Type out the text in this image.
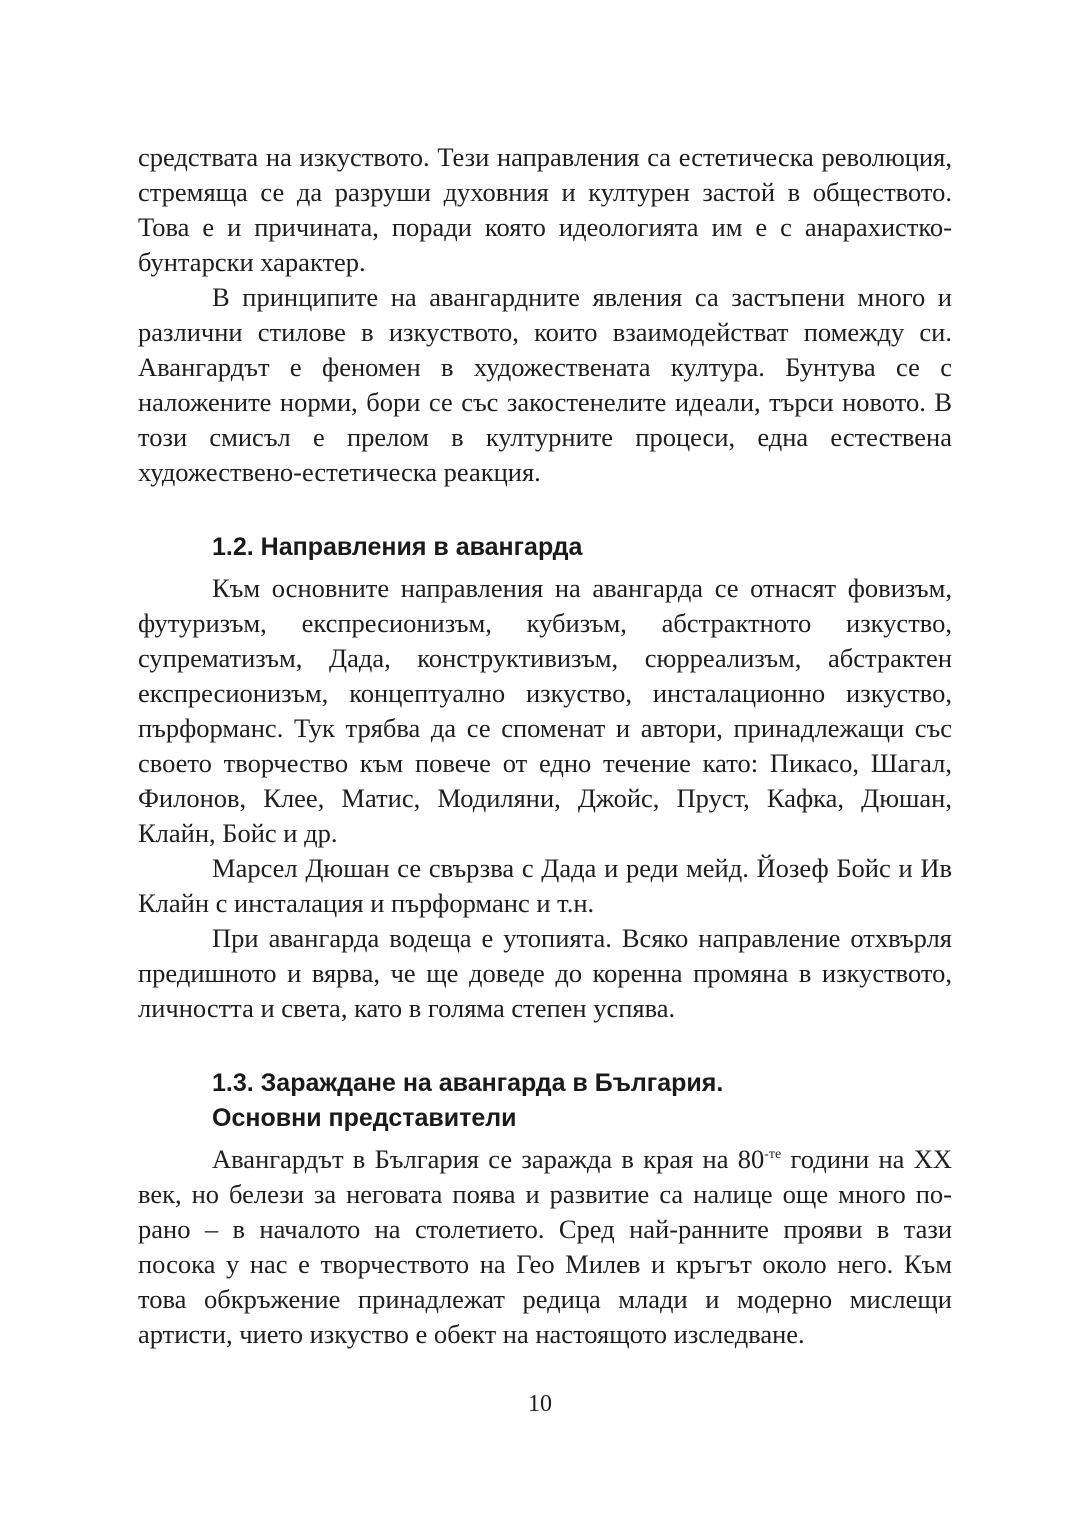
средствата на изкуството. Тези направления са естетическа революция, стремяща се да разруши духовния и културен застой в обществото. Това е и причината, поради която идеологията им е с анарахистко-бунтарски характер.

В принципите на авангардните явления са застъпени много и различни стилове в изкуството, които взаимодействат помежду си. Авангардът е феномен в художествената култура. Бунтува се с наложените норми, бори се със закостенелите идеали, търси новото. В този смисъл е прелом в културните процеси, една естествена художествено-естетическа реакция.

1.2. Направления в авангарда

Към основните направления на авангарда се отнасят фовизъм, футуризъм, експресионизъм, кубизъм, абстрактното изкуство, супрематизъм, Дада, конструктивизъм, сюрреализъм, абстрактен експресионизъм, концептуално изкуство, инсталационно изкуство, пърформанс. Тук трябва да се споменат и автори, принадлежащи със своето творчество към повече от едно течение като: Пикасо, Шагал, Филонов, Клее, Матис, Модиляни, Джойс, Пруст, Кафка, Дюшан, Клайн, Бойс и др.

Марсел Дюшан се свързва с Дада и реди мейд. Йозеф Бойс и Ив Клайн с инсталация и пърформанс и т.н.

При авангарда водеща е утопията. Всяко направление отхвърля предишното и вярва, че ще доведе до коренна промяна в изкуството, личността и света, като в голяма степен успява.

1.3. Зараждане на авангарда в България.
Основни представители

Авангардът в България се заражда в края на $80^{-те}$ години на XX век, но белези за неговата поява и развитие са налице още много по-рано – в началото на столетието. Сред най-ранните прояви в тази посока у нас е творчеството на Гео Милев и кръгът около него. Към това обкръжение принадлежат редица млади и модерно мислещи артисти, чието изкуство е обект на настоящото изследване.

10
